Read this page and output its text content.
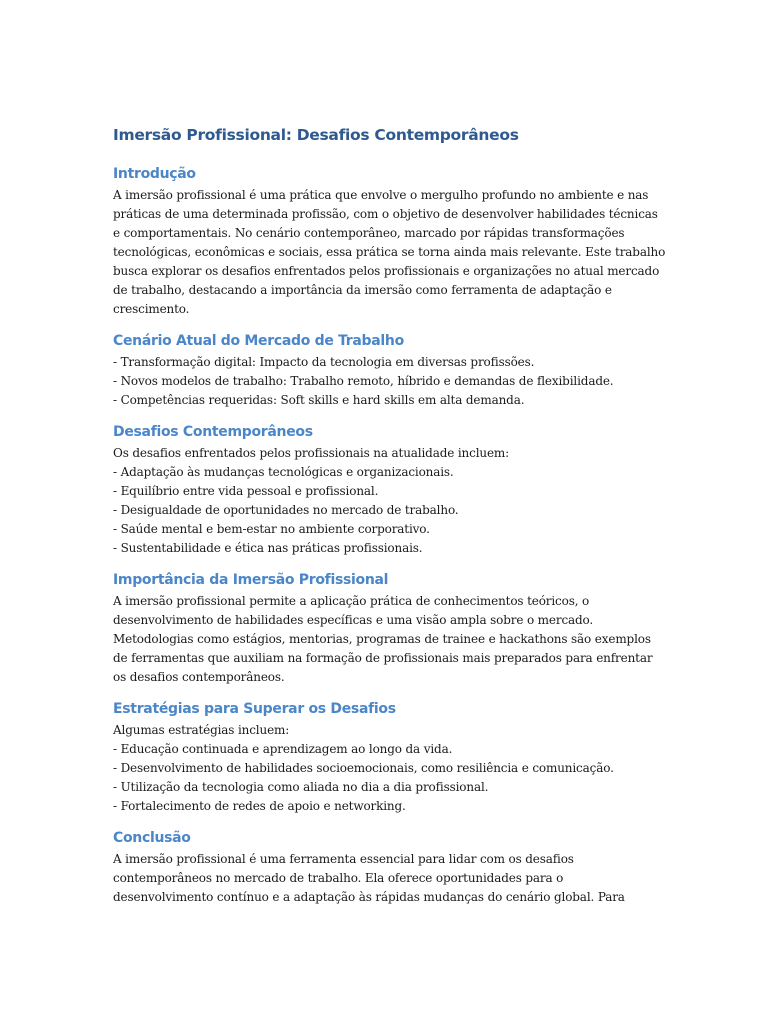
Imersão Profissional: Desafios Contemporâneos
Introdução

A imersão profissional é uma prática que envolve o mergulho profundo no ambiente e nas

práticas de uma determinada profissão, com o objetivo de desenvolver habilidades técnicas

e comportamentais. No cenário contemporâneo, marcado por rápidas transformações

tecnológicas, econômicas e sociais, essa prática se torna ainda mais relevante. Este trabalho

busca explorar os desafios enfrentados pelos profissionais e organizações no atual mercado

de trabalho, destacando a importância da imersão como ferramenta de adaptação e

crescimento.

Cenário Atual do Mercado de Trabalho

- Transformação digital: Impacto da tecnologia em diversas profissões.

- Novos modelos de trabalho: Trabalho remoto, híbrido e demandas de flexibilidade.

- Competências requeridas: Soft skills e hard skills em alta demanda.

Desafios Contemporâneos

Os desafios enfrentados pelos profissionais na atualidade incluem:

- Adaptação às mudanças tecnológicas e organizacionais.

- Equilíbrio entre vida pessoal e profissional.

- Desigualdade de oportunidades no mercado de trabalho.

- Saúde mental e bem-estar no ambiente corporativo.

- Sustentabilidade e ética nas práticas profissionais.

Importância da Imersão Profissional

A imersão profissional permite a aplicação prática de conhecimentos teóricos, o

desenvolvimento de habilidades específicas e uma visão ampla sobre o mercado.

Metodologias como estágios, mentorias, programas de trainee e hackathons são exemplos

de ferramentas que auxiliam na formação de profissionais mais preparados para enfrentar

os desafios contemporâneos.

Estratégias para Superar os Desafios

Algumas estratégias incluem:

- Educação continuada e aprendizagem ao longo da vida.

- Desenvolvimento de habilidades socioemocionais, como resiliência e comunicação.

- Utilização da tecnologia como aliada no dia a dia profissional.

- Fortalecimento de redes de apoio e networking.

Conclusão

A imersão profissional é uma ferramenta essencial para lidar com os desafios

contemporâneos no mercado de trabalho. Ela oferece oportunidades para o

desenvolvimento contínuo e a adaptação às rápidas mudanças do cenário global. Para
